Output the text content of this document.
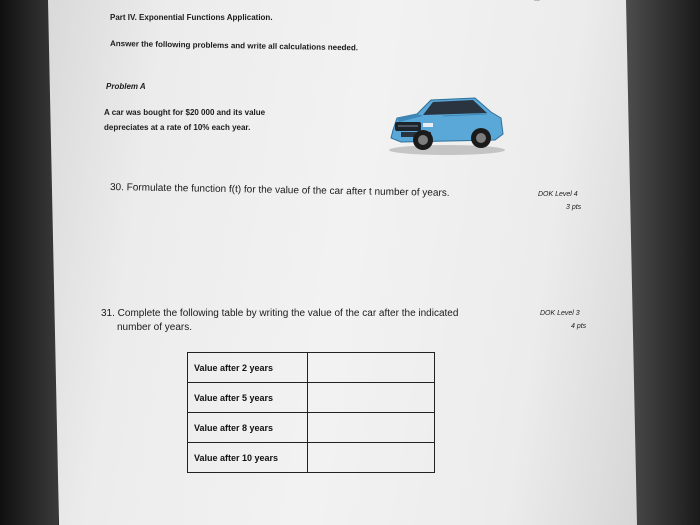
Part IV. Exponential Functions Application.
Answer the following problems and write all calculations needed.
Problem A
A car was bought for $20 000 and its value
depreciates at a rate of 10% each year.
30. Formulate the function f(t) for the value of the car after t number of years.	DOK Level 4
3 pts
31. Complete the following table by writing the value of the car after the indicated
number of years.
DOK Level 3
4 pts
Value after 2 years	
Value after 5 years	
Value after 8 years	
Value after 10 years	
